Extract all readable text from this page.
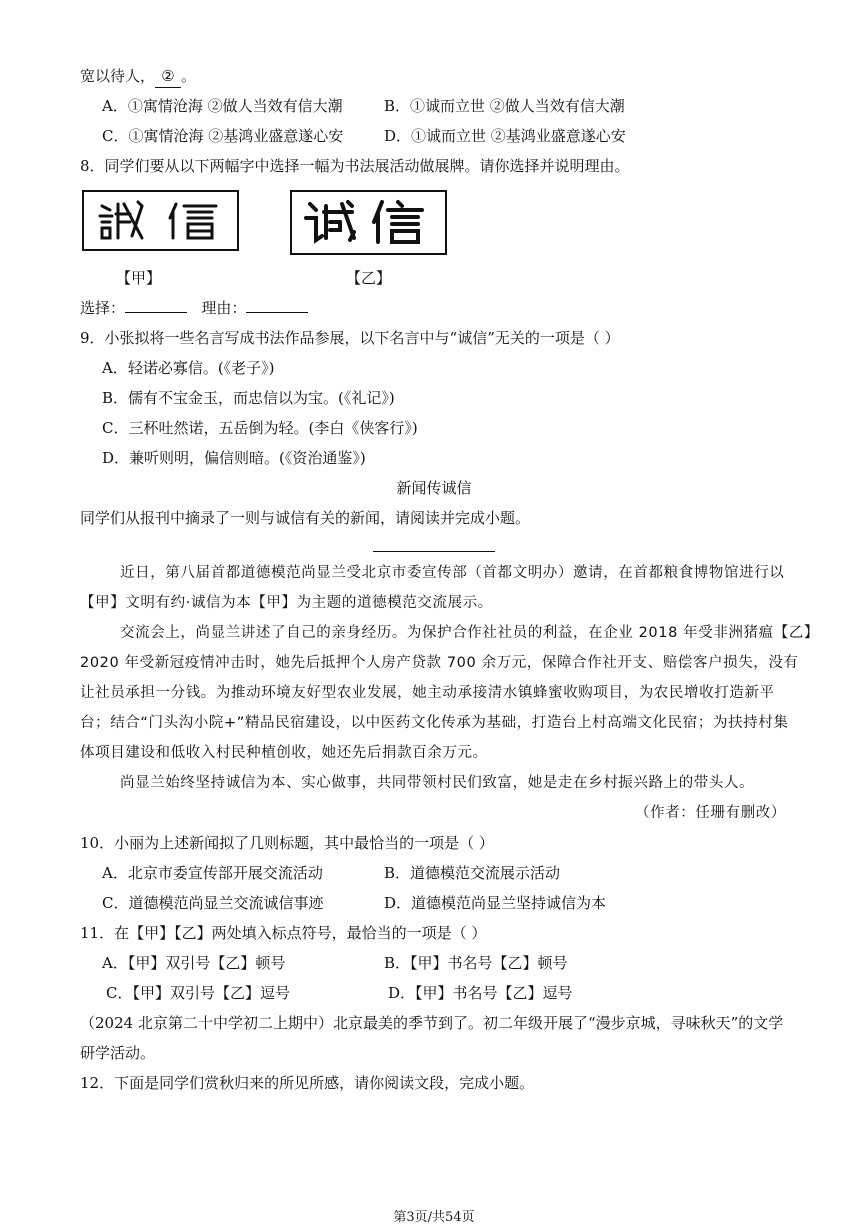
宽以待人， ② 。
A．①寓情沧海 ②做人当效有信大潮	B．①诚而立世 ②做人当效有信大潮
C．①寓情沧海 ②基鸿业盛意遂心安	D．①诚而立世 ②基鸿业盛意遂心安
8．同学们要从以下两幅字中选择一幅为书法展活动做展牌。请你选择并说明理由。
【甲】	【乙】
选择：	理由：
9．小张拟将一些名言写成书法作品参展，以下名言中与“诚信”无关的一项是（ ）
A．轻诺必寡信。(《老子》)
B．儒有不宝金玉，而忠信以为宝。(《礼记》)
C．三杯吐然诺，五岳倒为轻。(李白《侠客行》)
D．兼听则明，偏信则暗。(《资治通鉴》)
新闻传诚信
同学们从报刊中摘录了一则与诚信有关的新闻，请阅读并完成小题。
近日，第八届首都道德模范尚显兰受北京市委宣传部（首都文明办）邀请，在首都粮食博物馆进行以
【甲】文明有约·诚信为本【甲】为主题的道德模范交流展示。
交流会上，尚显兰讲述了自己的亲身经历。为保护合作社社员的利益，在企业 2018 年受非洲猪瘟【乙】
2020 年受新冠疫情冲击时，她先后抵押个人房产贷款 700 余万元，保障合作社开支、赔偿客户损失，没有
让社员承担一分钱。为推动环境友好型农业发展，她主动承接清水镇蜂蜜收购项目，为农民增收打造新平
台；结合“门头沟小院+”精品民宿建设，以中医药文化传承为基础，打造台上村高端文化民宿；为扶持村集
体项目建设和低收入村民种植创收，她还先后捐款百余万元。
尚显兰始终坚持诚信为本、实心做事，共同带领村民们致富，她是走在乡村振兴路上的带头人。
（作者：任珊有删改）
10．小丽为上述新闻拟了几则标题，其中最恰当的一项是（ ）
A．北京市委宣传部开展交流活动	B．道德模范交流展示活动
C．道德模范尚显兰交流诚信事迹	D．道德模范尚显兰坚持诚信为本
11．在【甲】【乙】两处填入标点符号，最恰当的一项是（ ）
A．【甲】双引号【乙】顿号	B．【甲】书名号【乙】顿号
C．【甲】双引号【乙】逗号	D．【甲】书名号【乙】逗号
（2024 北京第二十中学初二上期中）北京最美的季节到了。初二年级开展了“漫步京城，寻味秋天”的文学
研学活动。
12．下面是同学们赏秋归来的所见所感，请你阅读文段，完成小题。
第3页/共54页
